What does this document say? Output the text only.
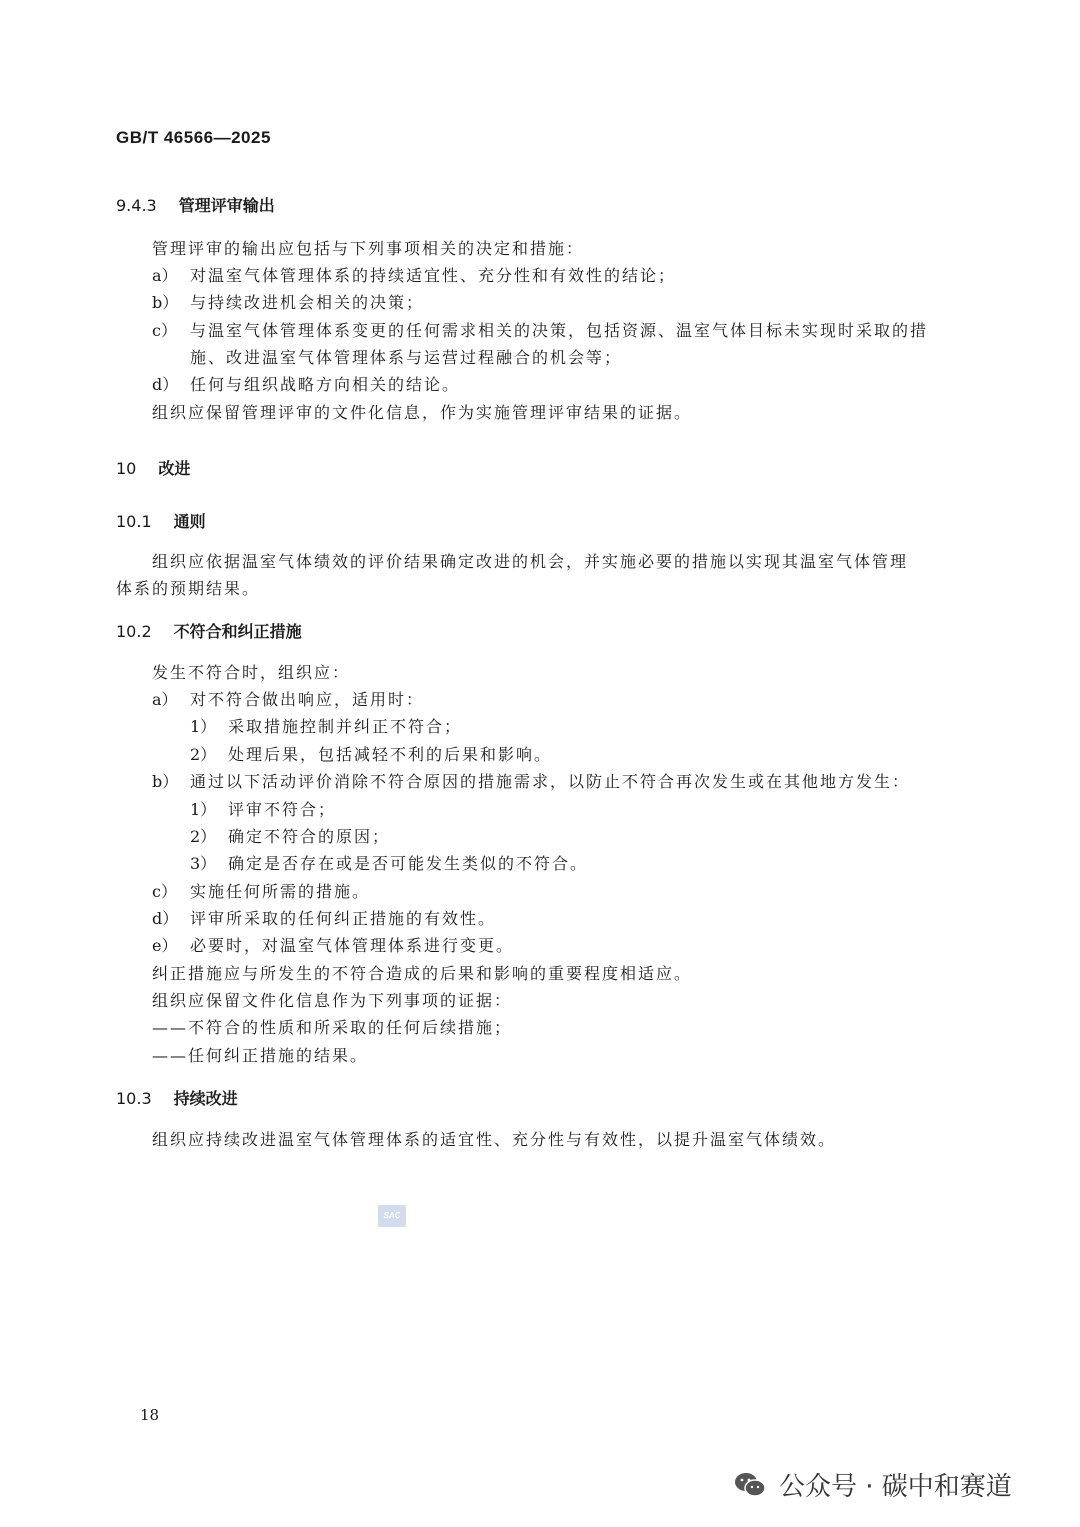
GB/T 46566—2025
9.4.3 管理评审输出
管理评审的输出应包括与下列事项相关的决定和措施：
a） 对温室气体管理体系的持续适宜性、充分性和有效性的结论；
b） 与持续改进机会相关的决策；
c） 与温室气体管理体系变更的任何需求相关的决策，包括资源、温室气体目标未实现时采取的措
施、改进温室气体管理体系与运营过程融合的机会等；
d） 任何与组织战略方向相关的结论。
组织应保留管理评审的文件化信息，作为实施管理评审结果的证据。
10 改进
10.1 通则
组织应依据温室气体绩效的评价结果确定改进的机会，并实施必要的措施以实现其温室气体管理
体系的预期结果。
10.2 不符合和纠正措施
发生不符合时，组织应：
a） 对不符合做出响应，适用时：
1） 采取措施控制并纠正不符合；
2） 处理后果，包括减轻不利的后果和影响。
b） 通过以下活动评价消除不符合原因的措施需求，以防止不符合再次发生或在其他地方发生：
1） 评审不符合；
2） 确定不符合的原因；
3） 确定是否存在或是否可能发生类似的不符合。
c） 实施任何所需的措施。
d） 评审所采取的任何纠正措施的有效性。
e） 必要时，对温室气体管理体系进行变更。
纠正措施应与所发生的不符合造成的后果和影响的重要程度相适应。
组织应保留文件化信息作为下列事项的证据：
——不符合的性质和所采取的任何后续措施；
——任何纠正措施的结果。
10.3 持续改进
组织应持续改进温室气体管理体系的适宜性、充分性与有效性，以提升温室气体绩效。
SAC
18
公众号 · 碳中和赛道
